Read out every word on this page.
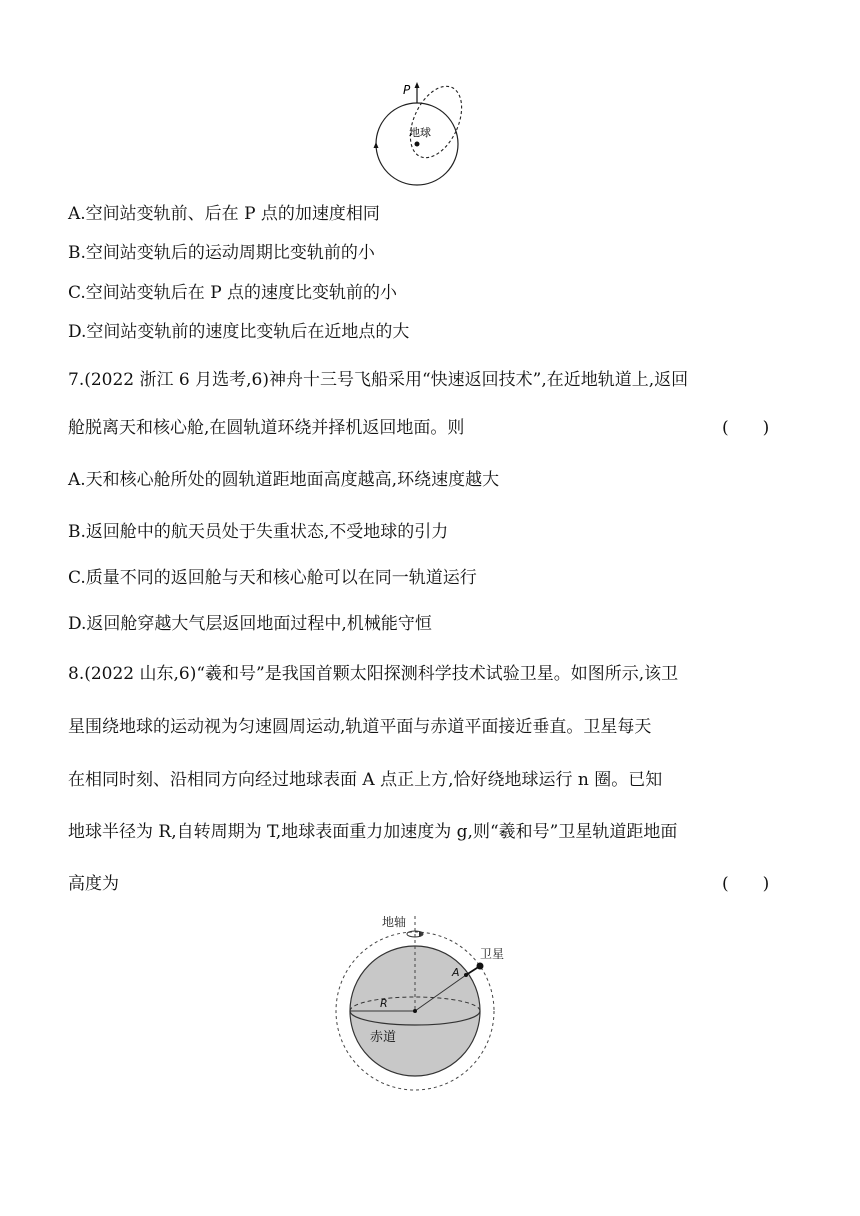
P
地球

A.空间站变轨前、后在 P 点的加速度相同

B.空间站变轨后的运动周期比变轨前的小

C.空间站变轨后在 P 点的速度比变轨前的小

D.空间站变轨前的速度比变轨后在近地点的大

7.(2022 浙江 6 月选考,6)神舟十三号飞船采用“快速返回技术”,在近地轨道上,返回

舱脱离天和核心舱,在圆轨道环绕并择机返回地面。则	(　　)

A.天和核心舱所处的圆轨道距地面高度越高,环绕速度越大

B.返回舱中的航天员处于失重状态,不受地球的引力

C.质量不同的返回舱与天和核心舱可以在同一轨道运行

D.返回舱穿越大气层返回地面过程中,机械能守恒

8.(2022 山东,6)“羲和号”是我国首颗太阳探测科学技术试验卫星。如图所示,该卫

星围绕地球的运动视为匀速圆周运动,轨道平面与赤道平面接近垂直。卫星每天

在相同时刻、沿相同方向经过地球表面 A 点正上方,恰好绕地球运行 n 圈。已知

地球半径为 R,自转周期为 T,地球表面重力加速度为 g,则“羲和号”卫星轨道距地面

高度为	(　　)
地轴
卫星
A
R
赤道
